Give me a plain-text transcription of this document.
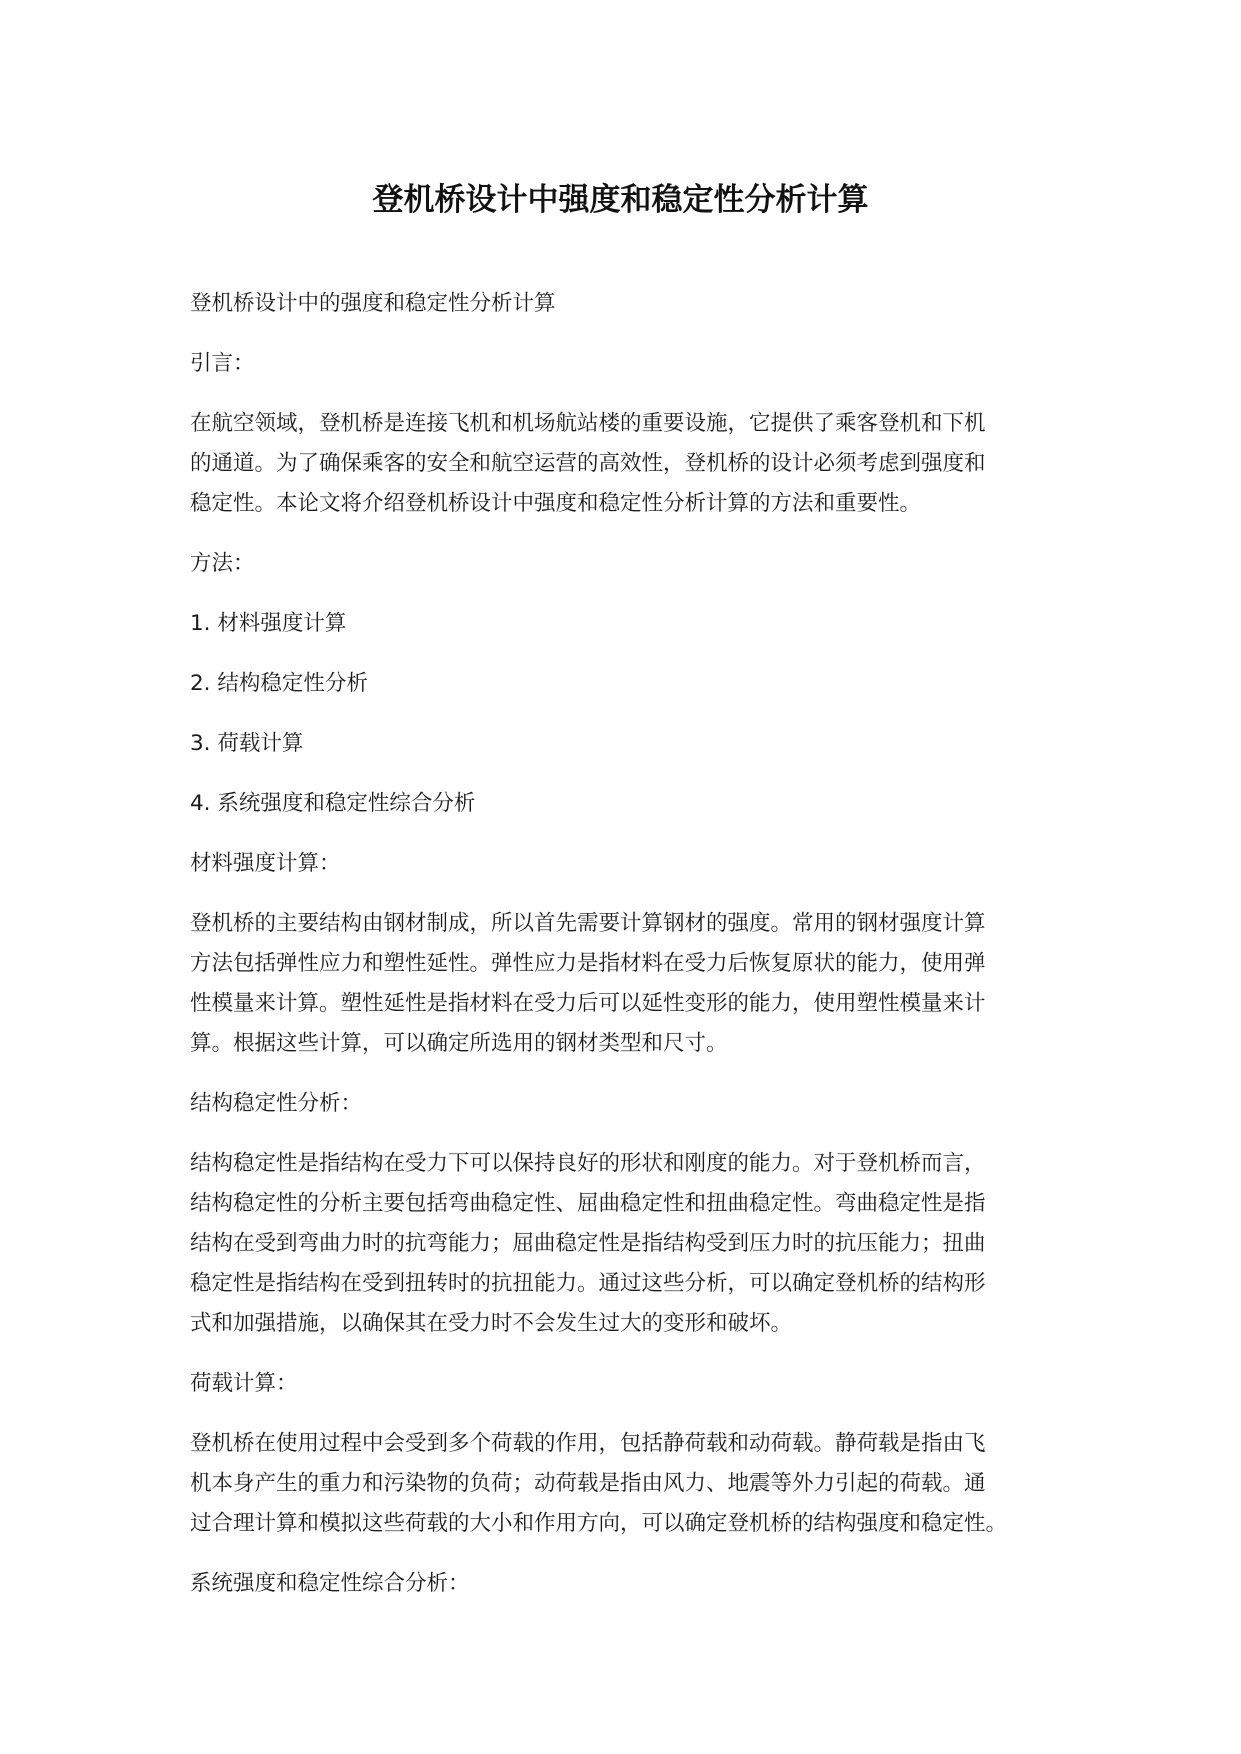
登机桥设计中强度和稳定性分析计算

登机桥设计中的强度和稳定性分析计算

引言：

在航空领域，登机桥是连接飞机和机场航站楼的重要设施，它提供了乘客登机和下机
的通道。为了确保乘客的安全和航空运营的高效性，登机桥的设计必须考虑到强度和
稳定性。本论文将介绍登机桥设计中强度和稳定性分析计算的方法和重要性。

方法：

1. 材料强度计算

2. 结构稳定性分析

3. 荷载计算

4. 系统强度和稳定性综合分析

材料强度计算：

登机桥的主要结构由钢材制成，所以首先需要计算钢材的强度。常用的钢材强度计算
方法包括弹性应力和塑性延性。弹性应力是指材料在受力后恢复原状的能力，使用弹
性模量来计算。塑性延性是指材料在受力后可以延性变形的能力，使用塑性模量来计
算。根据这些计算，可以确定所选用的钢材类型和尺寸。

结构稳定性分析：

结构稳定性是指结构在受力下可以保持良好的形状和刚度的能力。对于登机桥而言，
结构稳定性的分析主要包括弯曲稳定性、屈曲稳定性和扭曲稳定性。弯曲稳定性是指
结构在受到弯曲力时的抗弯能力；屈曲稳定性是指结构受到压力时的抗压能力；扭曲
稳定性是指结构在受到扭转时的抗扭能力。通过这些分析，可以确定登机桥的结构形
式和加强措施，以确保其在受力时不会发生过大的变形和破坏。

荷载计算：

登机桥在使用过程中会受到多个荷载的作用，包括静荷载和动荷载。静荷载是指由飞
机本身产生的重力和污染物的负荷；动荷载是指由风力、地震等外力引起的荷载。通
过合理计算和模拟这些荷载的大小和作用方向，可以确定登机桥的结构强度和稳定性。

系统强度和稳定性综合分析：
